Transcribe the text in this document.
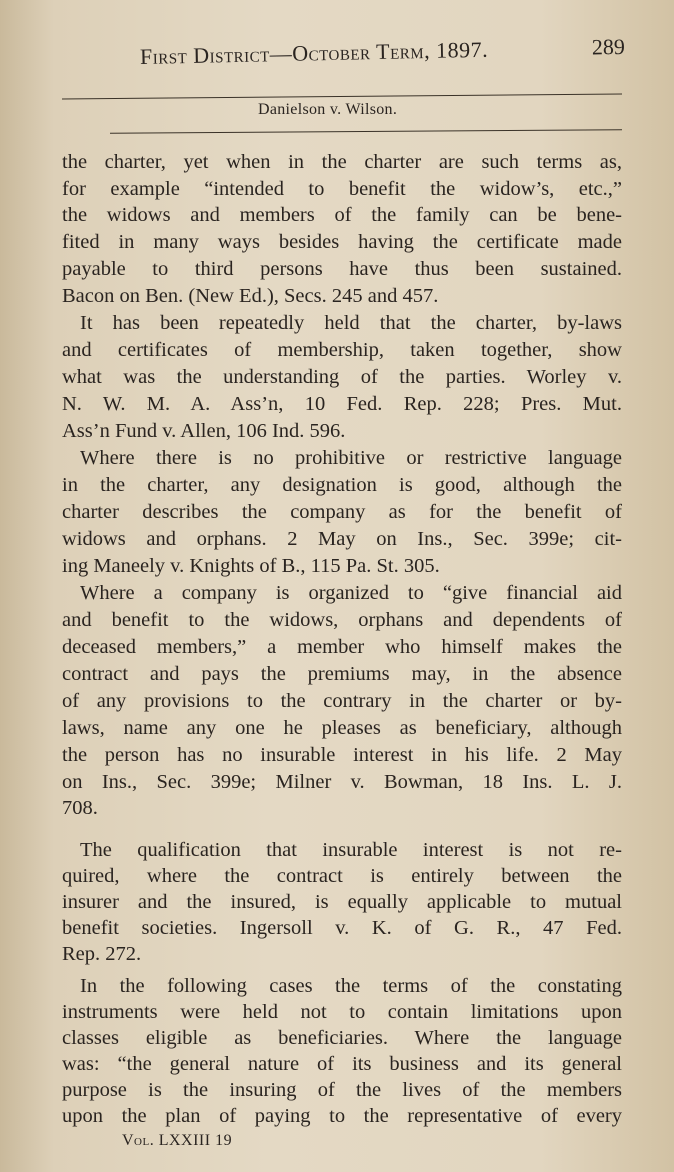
First District—October Term, 1897.	289
Danielson v. Wilson.
the charter, yet when in the charter are such terms as,
for example “intended to benefit the widow’s, etc.,”
the widows and members of the family can be bene-
fited in many ways besides having the certificate made
payable to third persons have thus been sustained.
Bacon on Ben. (New Ed.), Secs. 245 and 457.
It has been repeatedly held that the charter, by-laws
and certificates of membership, taken together, show
what was the understanding of the parties. Worley v.
N. W. M. A. Ass’n, 10 Fed. Rep. 228; Pres. Mut.
Ass’n Fund v. Allen, 106 Ind. 596.
Where there is no prohibitive or restrictive language
in the charter, any designation is good, although the
charter describes the company as for the benefit of
widows and orphans. 2 May on Ins., Sec. 399e; cit-
ing Maneely v. Knights of B., 115 Pa. St. 305.
Where a company is organized to “give financial aid
and benefit to the widows, orphans and dependents of
deceased members,” a member who himself makes the
contract and pays the premiums may, in the absence
of any provisions to the contrary in the charter or by-
laws, name any one he pleases as beneficiary, although
the person has no insurable interest in his life. 2 May
on Ins., Sec. 399e; Milner v. Bowman, 18 Ins. L. J.
708.
The qualification that insurable interest is not re-
quired, where the contract is entirely between the
insurer and the insured, is equally applicable to mutual
benefit societies. Ingersoll v. K. of G. R., 47 Fed.
Rep. 272.
In the following cases the terms of the constating
instruments were held not to contain limitations upon
classes eligible as beneficiaries. Where the language
was: “the general nature of its business and its general
purpose is the insuring of the lives of the members
upon the plan of paying to the representative of every
Vol. LXXIII 19
